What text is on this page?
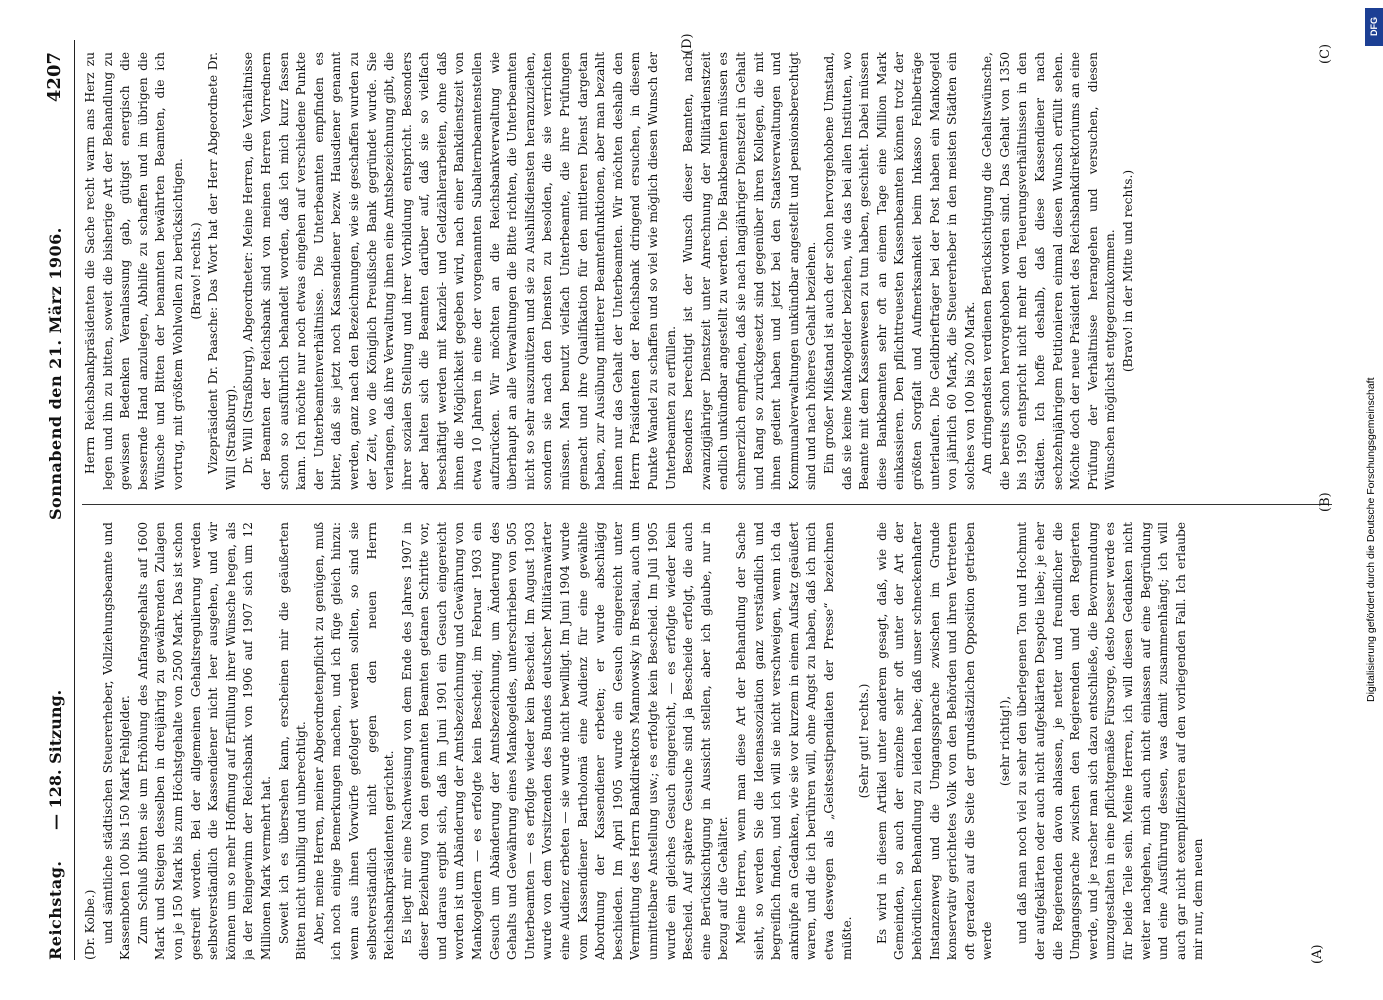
Reichstag.
— 128. Sitzung.
Sonnabend den 21. März 1906.
4207

(Dr. Kolbe.) und sämtliche städtischen Steuererheber, Vollziehungsbeamte und Kassenboten 100 bis 150 Mark Fehlgelder. Zum Schluß bitten sie um Erhöhung des Anfangsgehalts auf 1600 Mark und Steigen desselben in dreijährig zu gewährenden Zulagen von je 150 Mark bis zum Höchstgehalte von 2500 Mark. Das ist schon gestreift worden. Bei der allgemeinen Gehaltsregulierung werden selbstverständlich die Kassendiener nicht leer ausgehen, und wir können um so mehr Hoffnung auf Erfüllung ihrer Wünsche hegen, als ja der Reingewinn der Reichsbank von 1906 auf 1907 sich um 12 Millionen Mark vermehrt hat. Soweit ich es übersehen kann, erscheinen mir die geäußerten Bitten nicht unbillig und unberechtigt. Aber, meine Herren, meiner Abgeordnetenpflicht zu genügen, muß ich noch einige Bemerkungen machen, und ich füge gleich hinzu: wenn aus ihnen Vorwürfe gefolgert werden sollten, so sind sie selbstverständlich nicht gegen den neuen Herrn Reichsbankpräsidenten gerichtet. Es liegt mir eine Nachweisung von dem Ende des Jahres 1907 in dieser Beziehung von den genannten Beamten getanen Schritte vor, und daraus ergibt sich, daß im Juni 1901 ein Gesuch eingereicht worden ist um Abänderung der Amtsbezeichnung und Gewährung von Mankogeldern — es erfolgte kein Bescheid; im Februar 1903 ein Gesuch um Abänderung der Amtsbezeichnung, um Änderung des Gehalts und Gewährung eines Mankogeldes, unterschrieben von 505 Unterbeamten — es erfolgte wieder kein Bescheid. Im August 1903 wurde von dem Vorsitzenden des Bundes deutscher Militäranwärter eine Audienz erbeten — sie wurde nicht bewilligt. Im Juni 1904 wurde vom Kassendiener Bartholomä eine Audienz für eine gewählte Abordnung der Kassendiener erbeten; er wurde abschlägig beschieden. Im April 1905 wurde ein Gesuch eingereicht unter Vermittlung des Herrn Bankdirektors Mannowsky in Breslau, auch um unmittelbare Anstellung usw.; es erfolgte kein Bescheid. Im Juli 1905 wurde ein gleiches Gesuch eingereicht, — es erfolgte wieder kein Bescheid. Auf spätere Gesuche sind ja Bescheide erfolgt, die auch eine Berücksichtigung in Aussicht stellen, aber ich glaube, nur in bezug auf die Gehälter. Meine Herren, wenn man diese Art der Behandlung der Sache sieht, so werden Sie die Ideenassoziation ganz verständlich und begreiflich finden, und ich will sie nicht verschweigen, wenn ich da anknüpfe an Gedanken, wie sie vor kurzem in einem Aufsatz geäußert waren, und die ich berühren will, ohne Angst zu haben, daß ich mich etwa deswegen als „Geistesstipendiaten der Presse“ bezeichnen müßte.

(Sehr gut! rechts.) Es wird in diesem Artikel unter anderem gesagt, daß, wie die Gemeinden, so auch der einzelne sehr oft unter der Art der behördlichen Behandlung zu leiden habe; daß unser schneckenhafter Instanzenweg und die Umgangssprache zwischen im Grunde konservativ gerichtetes Volk von den Behörden und ihren Vertretern oft geradezu auf die Seite der grundsätzlichen Opposition getrieben werde

(sehr richtig!), und daß man noch viel zu sehr den überlegenen Ton und Hochmut der aufgeklärten oder auch nicht aufgeklärten Despotie liebe; je eher die Regierenden davon ablassen, je netter und freundlicher die Umgangssprache zwischen den Regierenden und den Regierten werde, und je rascher man sich dazu entschließe, die Bevormundung umzugestalten in eine pflichtgemäße Fürsorge, desto besser werde es für beide Teile sein. Meine Herren, ich will diesen Gedanken nicht weiter nachgehen, mich auch nicht einlassen auf eine Begründung und eine Ausführung dessen, was damit zusammenhängt; ich will auch gar nicht exemplifizieren auf den vorliegenden Fall. Ich erlaube mir nur, dem neuen

Herrn Reichsbankpräsidenten die Sache recht warm ans Herz zu legen und ihn zu bitten, soweit die bisherige Art der Behandlung zu gewissen Bedenken Veranlassung gab, gütigst energisch die bessernde Hand anzulegen, Abhilfe zu schaffen und im übrigen die Wünsche und Bitten der benannten bewährten Beamten, die ich vortrug, mit größtem Wohlwollen zu berücksichtigen. (Bravo! rechts.) Vizepräsident Dr. Paasche: Das Wort hat der Herr Abgeordnete Dr. Will (Straßburg). Dr. Will (Straßburg), Abgeordneter: Meine Herren, die Verhältnisse der Beamten der Reichsbank sind von meinen Herren Vorrednern schon so ausführlich behandelt worden, daß ich mich kurz fassen kann. Ich möchte nur noch etwas eingehen auf verschiedene Punkte der Unterbeamtenverhältnisse. Die Unterbeamten empfinden es bitter, daß sie jetzt noch Kassendiener bezw. Hausdiener genannt werden, ganz nach den Bezeichnungen, wie sie geschaffen wurden zu der Zeit, wo die Königlich Preußische Bank gegründet wurde. Sie verlangen, daß ihre Verwaltung ihnen eine Amtsbezeichnung gibt, die ihrer sozialen Stellung und ihrer Vorbildung entspricht. Besonders aber halten sich die Beamten darüber auf, daß sie so vielfach beschäftigt werden mit Kanzlei- und Geldzählerarbeiten, ohne daß ihnen die Möglichkeit gegeben wird, nach einer Bankdienstzeit von etwa 10 Jahren in eine der vorgenannten Subalternbeamtenstellen aufzurücken. Wir möchten an die Reichsbankverwaltung wie überhaupt an alle Verwaltungen die Bitte richten, die Unterbeamten nicht so sehr auszunützen und sie zu Aushilfsdiensten heranzuziehen, sondern sie nach den Diensten zu besolden, die sie verrichten müssen. Man benutzt vielfach Unterbeamte, die ihre Prüfungen gemacht und ihre Qualifikation für den mittleren Dienst dargetan haben, zur Ausübung mittlerer Beamtenfunktionen, aber man bezahlt ihnen nur das Gehalt der Unterbeamten. Wir möchten deshalb den Herrn Präsidenten der Reichsbank dringend ersuchen, in diesem Punkte Wandel zu schaffen und so viel wie möglich diesen Wunsch der Unterbeamten zu erfüllen. Besonders berechtigt ist der Wunsch dieser Beamten, nach zwanzigjähriger Dienstzeit unter Anrechnung der Militärdienstzeit endlich unkündbar angestellt zu werden. Die Bankbeamten müssen es schmerzlich empfinden, daß sie nach langjähriger Dienstzeit in Gehalt und Rang so zurückgesetzt sind gegenüber ihren Kollegen, die mit ihnen gedient haben und jetzt bei den Staatsverwaltungen und Kommunalverwaltungen unkündbar angestellt und pensionsberechtigt sind und nach höheres Gehalt beziehen. Ein großer Mißstand ist auch der schon hervorgehobene Umstand, daß sie keine Mankogelder beziehen, wie das bei allen Instituten, wo Beamte mit dem Kassenwesen zu tun haben, geschieht. Dabei müssen diese Bankbeamten sehr oft an einem Tage eine Million Mark einkassieren. Den pflichttreuesten Kassenbeamten können trotz der größten Sorgfalt und Aufmerksamkeit beim Inkasso Fehlbeträge unterlaufen. Die Geldbriefträger bei der Post haben ein Mankogeld von jährlich 60 Mark, die Steuererheber in den meisten Städten ein solches von 100 bis 200 Mark. Am dringendsten verdienen Berücksichtigung die Gehaltswünsche, die bereits schon hervorgehoben worden sind. Das Gehalt von 1350 bis 1950 entspricht nicht mehr den Teuerungsverhältnissen in den Städten. Ich hoffe deshalb, daß diese Kassendiener nach sechzehnjährigem Petitionieren einmal diesen Wunsch erfüllt sehen. Möchte doch der neue Präsident des Reichsbankdirektoriums an eine Prüfung der Verhältnisse herangehen und versuchen, diesen Wünschen möglichst entgegenzukommen. (Bravo! in der Mitte und rechts.)

(A)
(B)
(C)
(D)
DFG
Digitalisierung gefördert durch die Deutsche Forschungsgemeinschaft
